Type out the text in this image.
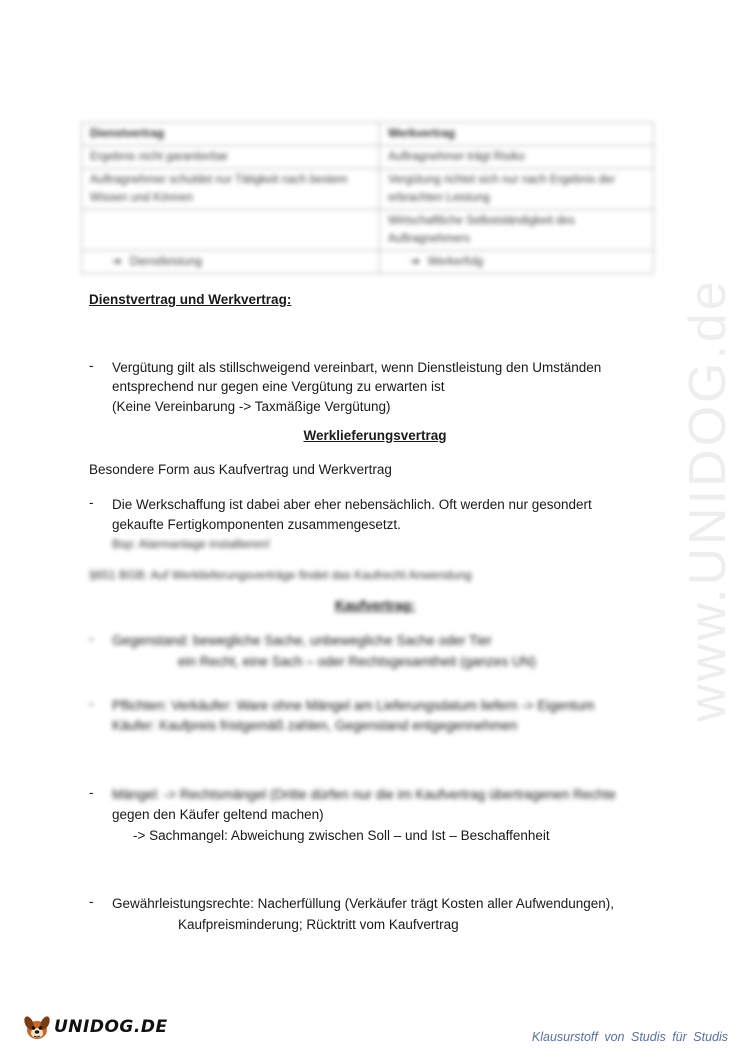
www.UNIDOG.de
Dienstvertrag	Werkvertrag
Ergebnis nicht garantierbar	Auftragnehmer trägt Risiko
Auftragnehmer schuldet nur Tätigkeit nach bestem Wissen und Können	Vergütung richtet sich nur nach Ergebnis der erbrachten Leistung
	Wirtschaftliche Selbstständigkeit des Auftragnehmers
➔ Dienstleistung	➔ Werkerfolg
Dienstvertrag und Werkvertrag:
- Vergütung gilt als stillschweigend vereinbart, wenn Dienstleistung den Umständen
entsprechend nur gegen eine Vergütung zu erwarten ist
(Keine Vereinbarung -> Taxmäßige Vergütung)
Werklieferungsvertrag
Besondere Form aus Kaufvertrag und Werkvertrag
- Die Werkschaffung ist dabei aber eher nebensächlich. Oft werden nur gesondert
gekaufte Fertigkomponenten zusammengesetzt.
Bsp: Alarmanlage installieren!
§651 BGB: Auf Werklieferungsverträge findet das Kaufrecht Anwendung
Kaufvertrag:
- Gegenstand: bewegliche Sache, unbewegliche Sache oder Tier
ein Recht, eine Sach – oder Rechtsgesamtheit (ganzes UN)
- Pflichten: Verkäufer: Ware ohne Mängel am Lieferungsdatum liefern -> Eigentum
Käufer: Kaufpreis fristgemäß zahlen, Gegenstand entgegennehmen
- Mängel: -> Rechtsmängel (Dritte dürfen nur die im Kaufvertrag übertragenen Rechte
gegen den Käufer geltend machen)
-> Sachmangel: Abweichung zwischen Soll – und Ist – Beschaffenheit
- Gewährleistungsrechte: Nacherfüllung (Verkäufer trägt Kosten aller Aufwendungen),
Kaufpreisminderung; Rücktritt vom Kaufvertrag
UNIDOG.DE	Klausurstoff von Studis für Studis
